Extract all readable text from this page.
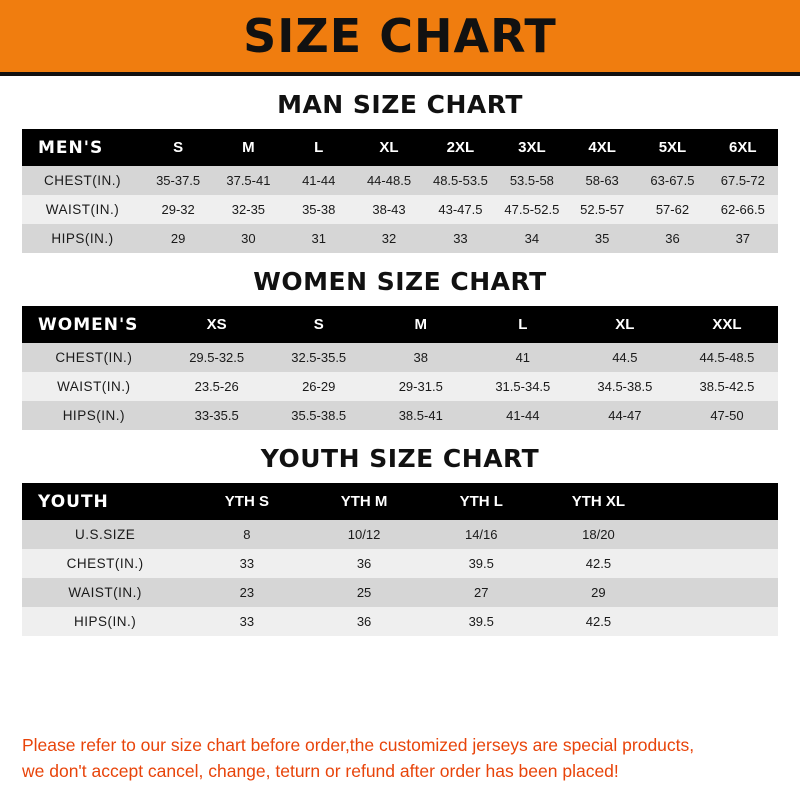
SIZE CHART
MAN SIZE CHART
MEN'S	S	M	L	XL	2XL	3XL	4XL	5XL	6XL
CHEST(IN.)	35-37.5	37.5-41	41-44	44-48.5	48.5-53.5	53.5-58	58-63	63-67.5	67.5-72
WAIST(IN.)	29-32	32-35	35-38	38-43	43-47.5	47.5-52.5	52.5-57	57-62	62-66.5
HIPS(IN.)	29	30	31	32	33	34	35	36	37
WOMEN SIZE CHART
WOMEN'S	XS	S	M	L	XL	XXL
CHEST(IN.)	29.5-32.5	32.5-35.5	38	41	44.5	44.5-48.5
WAIST(IN.)	23.5-26	26-29	29-31.5	31.5-34.5	34.5-38.5	38.5-42.5
HIPS(IN.)	33-35.5	35.5-38.5	38.5-41	41-44	44-47	47-50
YOUTH SIZE CHART
YOUTH	YTH S	YTH M	YTH L	YTH XL	
U.S.SIZE	8	10/12	14/16	18/20	
CHEST(IN.)	33	36	39.5	42.5	
WAIST(IN.)	23	25	27	29	
HIPS(IN.)	33	36	39.5	42.5	
Please refer to our size chart before order,the customized jerseys are special products,
we don't accept cancel, change, teturn or refund after order has been placed!
